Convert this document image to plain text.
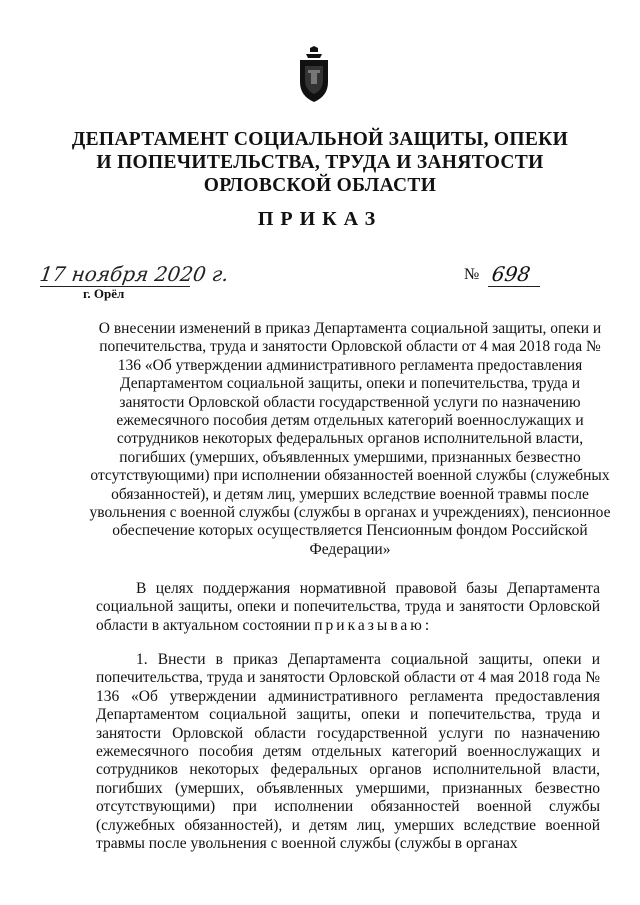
ДЕПАРТАМЕНТ СОЦИАЛЬНОЙ ЗАЩИТЫ, ОПЕКИ
И ПОПЕЧИТЕЛЬСТВА, ТРУДА И ЗАНЯТОСТИ
ОРЛОВСКОЙ ОБЛАСТИ
ПРИКАЗ
17 ноября 2020 г.
г. Орёл
№ 698
О внесении изменений в приказ Департамента социальной защиты, опеки и попечительства, труда и занятости Орловской области от 4 мая 2018 года № 136 «Об утверждении административного регламента предоставления Департаментом социальной защиты, опеки и попечительства, труда и занятости Орловской области государственной услуги по назначению ежемесячного пособия детям отдельных категорий военнослужащих и сотрудников некоторых федеральных органов исполнительной власти, погибших (умерших, объявленных умершими, признанных безвестно отсутствующими) при исполнении обязанностей военной службы (служебных обязанностей), и детям лиц, умерших вследствие военной травмы после увольнения с военной службы (службы в органах и учреждениях), пенсионное обеспечение которых осуществляется Пенсионным фондом Российской Федерации»

В целях поддержания нормативной правовой базы Департамента социальной защиты, опеки и попечительства, труда и занятости Орловской области в актуальном состоянии приказываю:

1. Внести в приказ Департамента социальной защиты, опеки и попечительства, труда и занятости Орловской области от 4 мая 2018 года № 136 «Об утверждении административного регламента предоставления Департаментом социальной защиты, опеки и попечительства, труда и занятости Орловской области государственной услуги по назначению ежемесячного пособия детям отдельных категорий военнослужащих и сотрудников некоторых федеральных органов исполнительной власти, погибших (умерших, объявленных умершими, признанных безвестно отсутствующими) при исполнении обязанностей военной службы (служебных обязанностей), и детям лиц, умерших вследствие военной травмы после увольнения с военной службы (службы в органах
